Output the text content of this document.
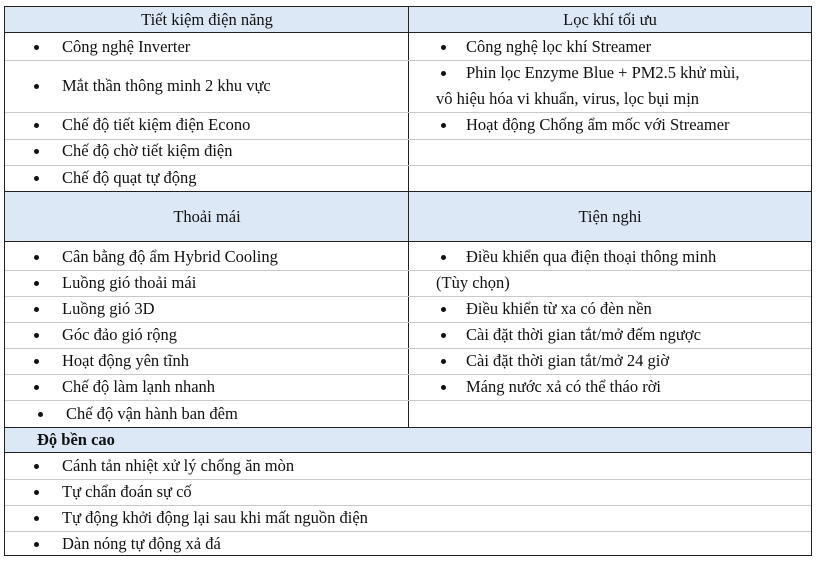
Tiết kiệm điện năng	Lọc khí tối ưu
Thoải mái	Tiện nghi
Độ bền cao
Công nghệ Inverter
Mắt thần thông minh 2 khu vực
Chế độ tiết kiệm điện Econo
Chế độ chờ tiết kiệm điện
Chế độ quạt tự động
Công nghệ lọc khí Streamer
Phin lọc Enzyme Blue + PM2.5 khử mùi,
vô hiệu hóa vi khuẩn, virus, lọc bụi mịn
Hoạt động Chống ẩm mốc với Streamer
Cân bằng độ ẩm Hybrid Cooling
Luồng gió thoải mái
Luồng gió 3D
Góc đảo gió rộng
Hoạt động yên tĩnh
Chế độ làm lạnh nhanh
Chế độ vận hành ban đêm
Điều khiển qua điện thoại thông minh
(Tùy chọn)
Điều khiển từ xa có đèn nền
Cài đặt thời gian tắt/mở đếm ngược
Cài đặt thời gian tắt/mở 24 giờ
Máng nước xả có thể tháo rời
Cánh tản nhiệt xử lý chống ăn mòn
Tự chẩn đoán sự cố
Tự động khởi động lại sau khi mất nguồn điện
Dàn nóng tự động xả đá
